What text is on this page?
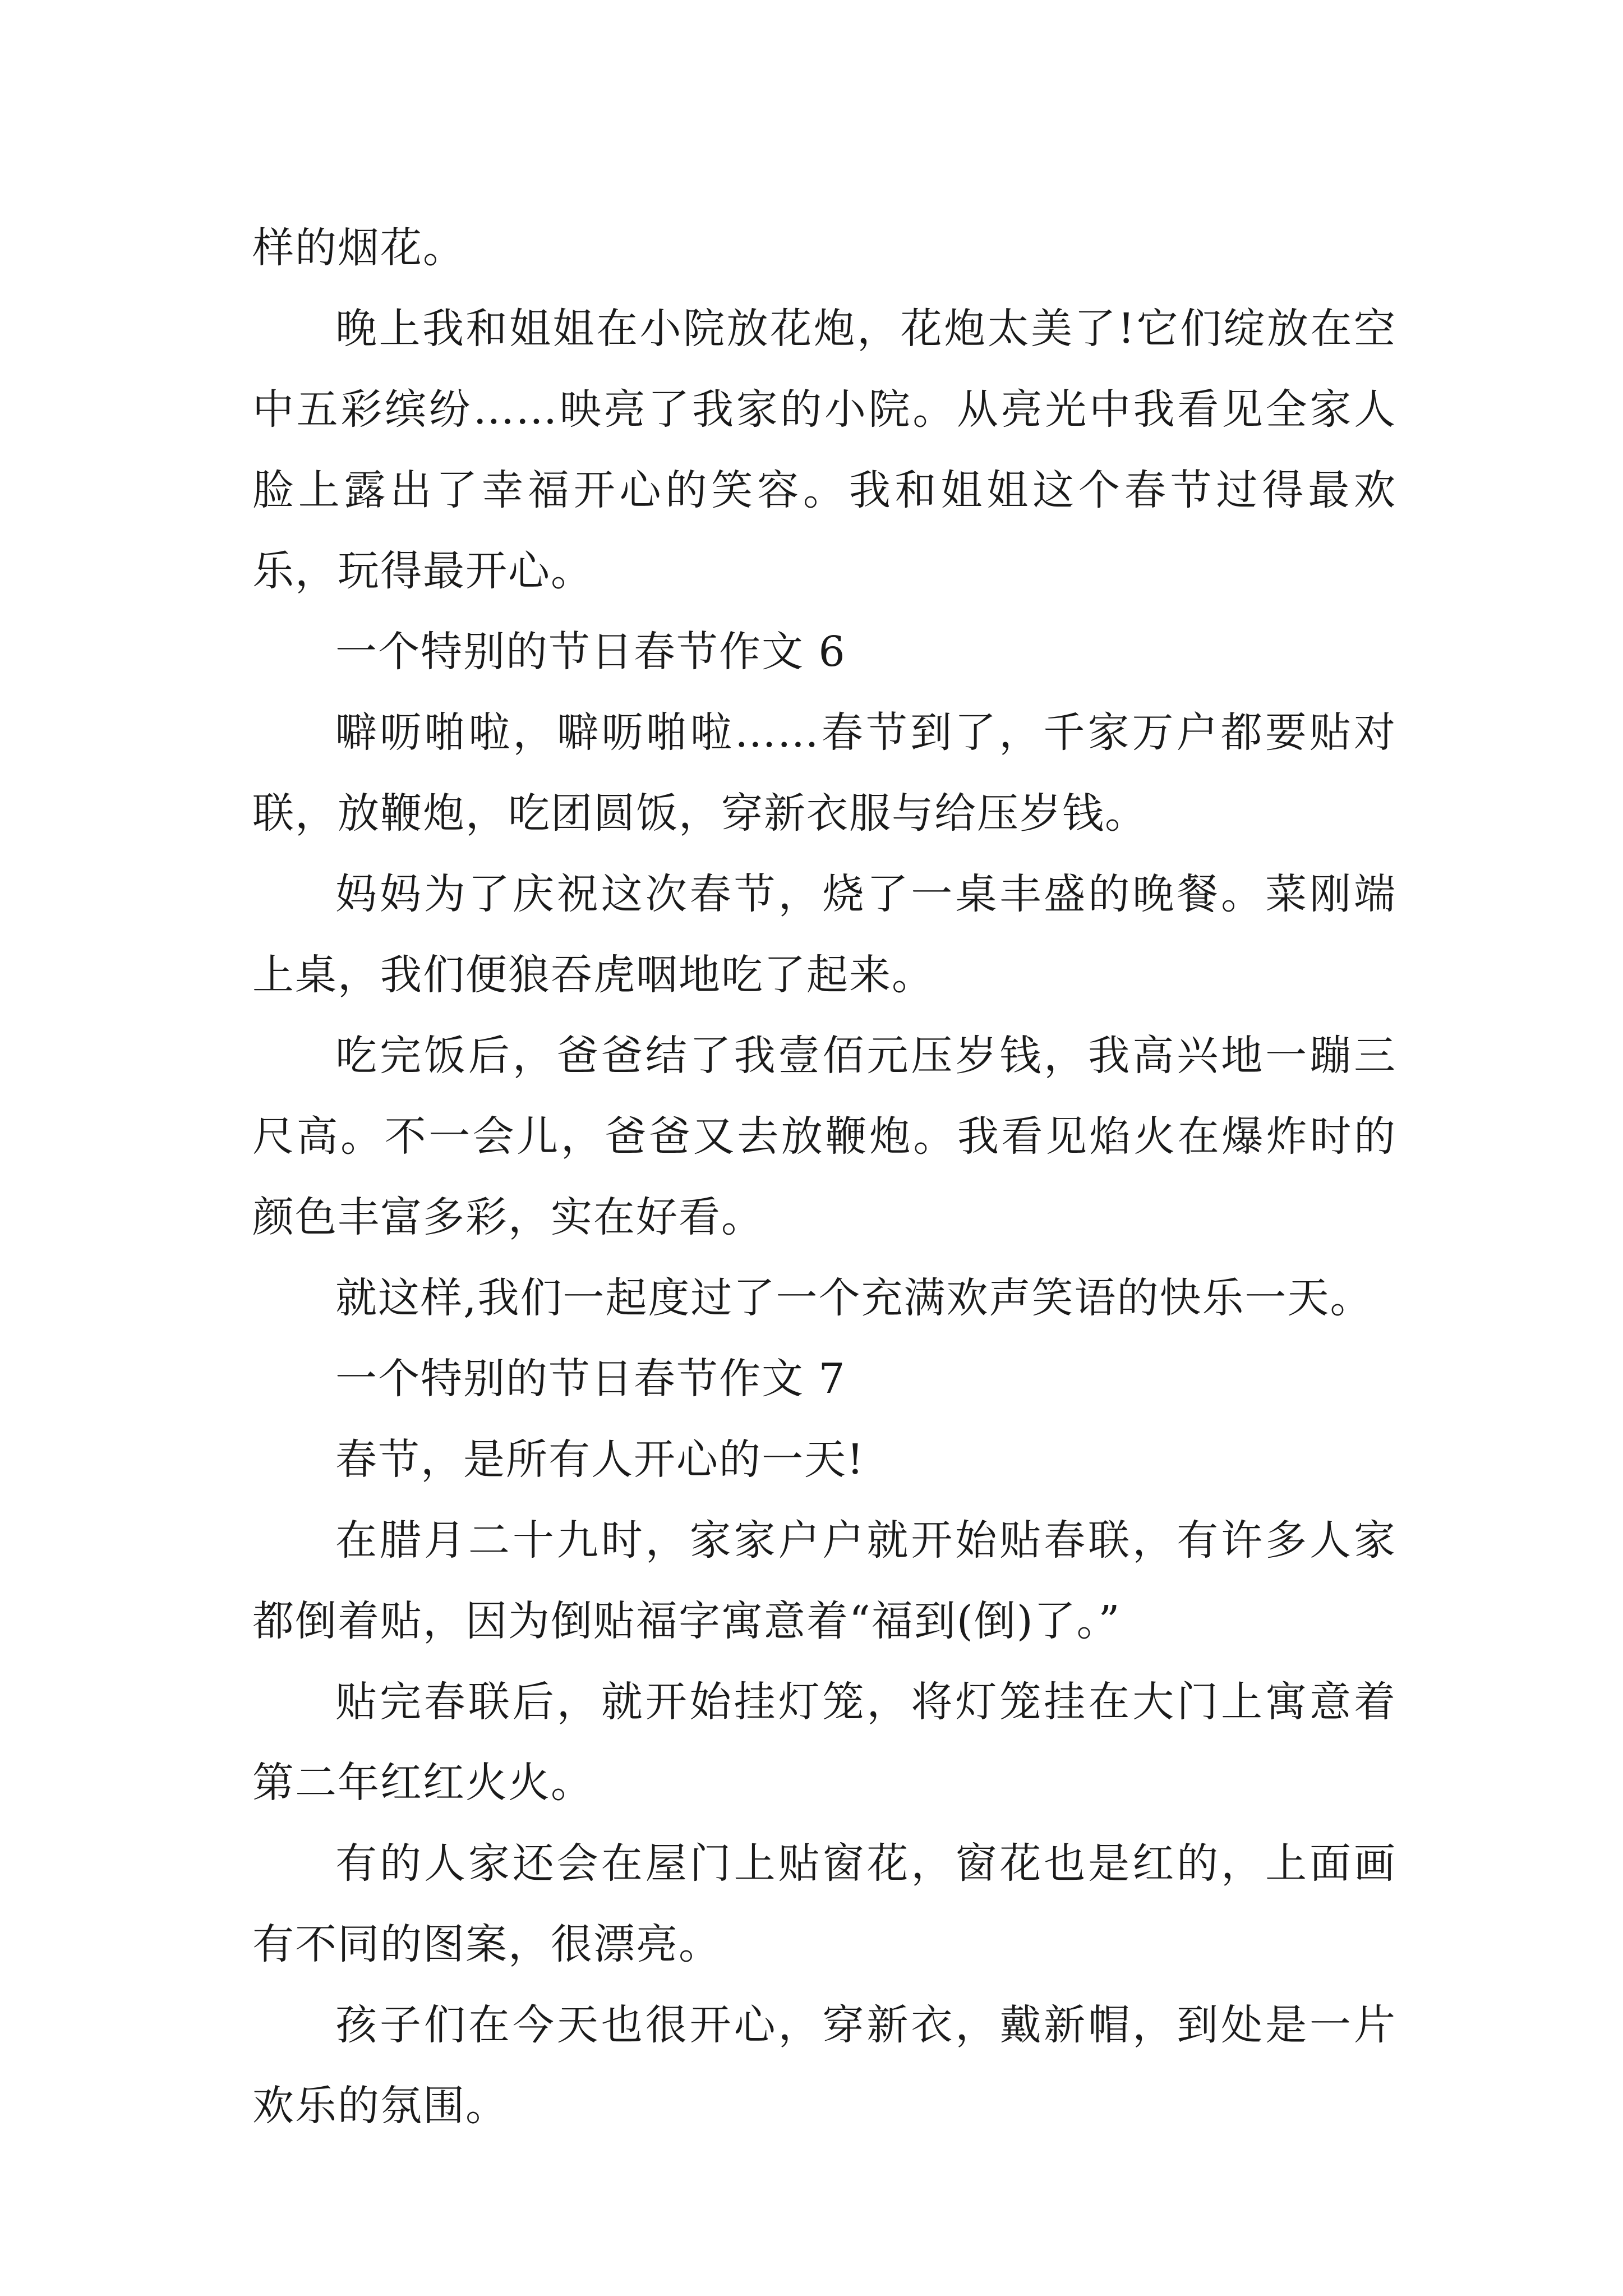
样的烟花。

晚上我和姐姐在小院放花炮，花炮太美了!它们绽放在空中五彩缤纷……映亮了我家的小院。从亮光中我看见全家人脸上露出了幸福开心的笑容。我和姐姐这个春节过得最欢乐，玩得最开心。

一个特别的节日春节作文 6

噼呖啪啦，噼呖啪啦……春节到了，千家万户都要贴对联，放鞭炮，吃团圆饭，穿新衣服与给压岁钱。

妈妈为了庆祝这次春节，烧了一桌丰盛的晚餐。菜刚端上桌，我们便狼吞虎咽地吃了起来。

吃完饭后，爸爸结了我壹佰元压岁钱，我高兴地一蹦三尺高。不一会儿，爸爸又去放鞭炮。我看见焰火在爆炸时的颜色丰富多彩，实在好看。

就这样,我们一起度过了一个充满欢声笑语的快乐一天。

一个特别的节日春节作文 7

春节，是所有人开心的一天!

在腊月二十九时，家家户户就开始贴春联，有许多人家都倒着贴，因为倒贴福字寓意着“福到(倒)了。”

贴完春联后，就开始挂灯笼，将灯笼挂在大门上寓意着第二年红红火火。

有的人家还会在屋门上贴窗花，窗花也是红的，上面画有不同的图案，很漂亮。

孩子们在今天也很开心，穿新衣，戴新帽，到处是一片欢乐的氛围。
